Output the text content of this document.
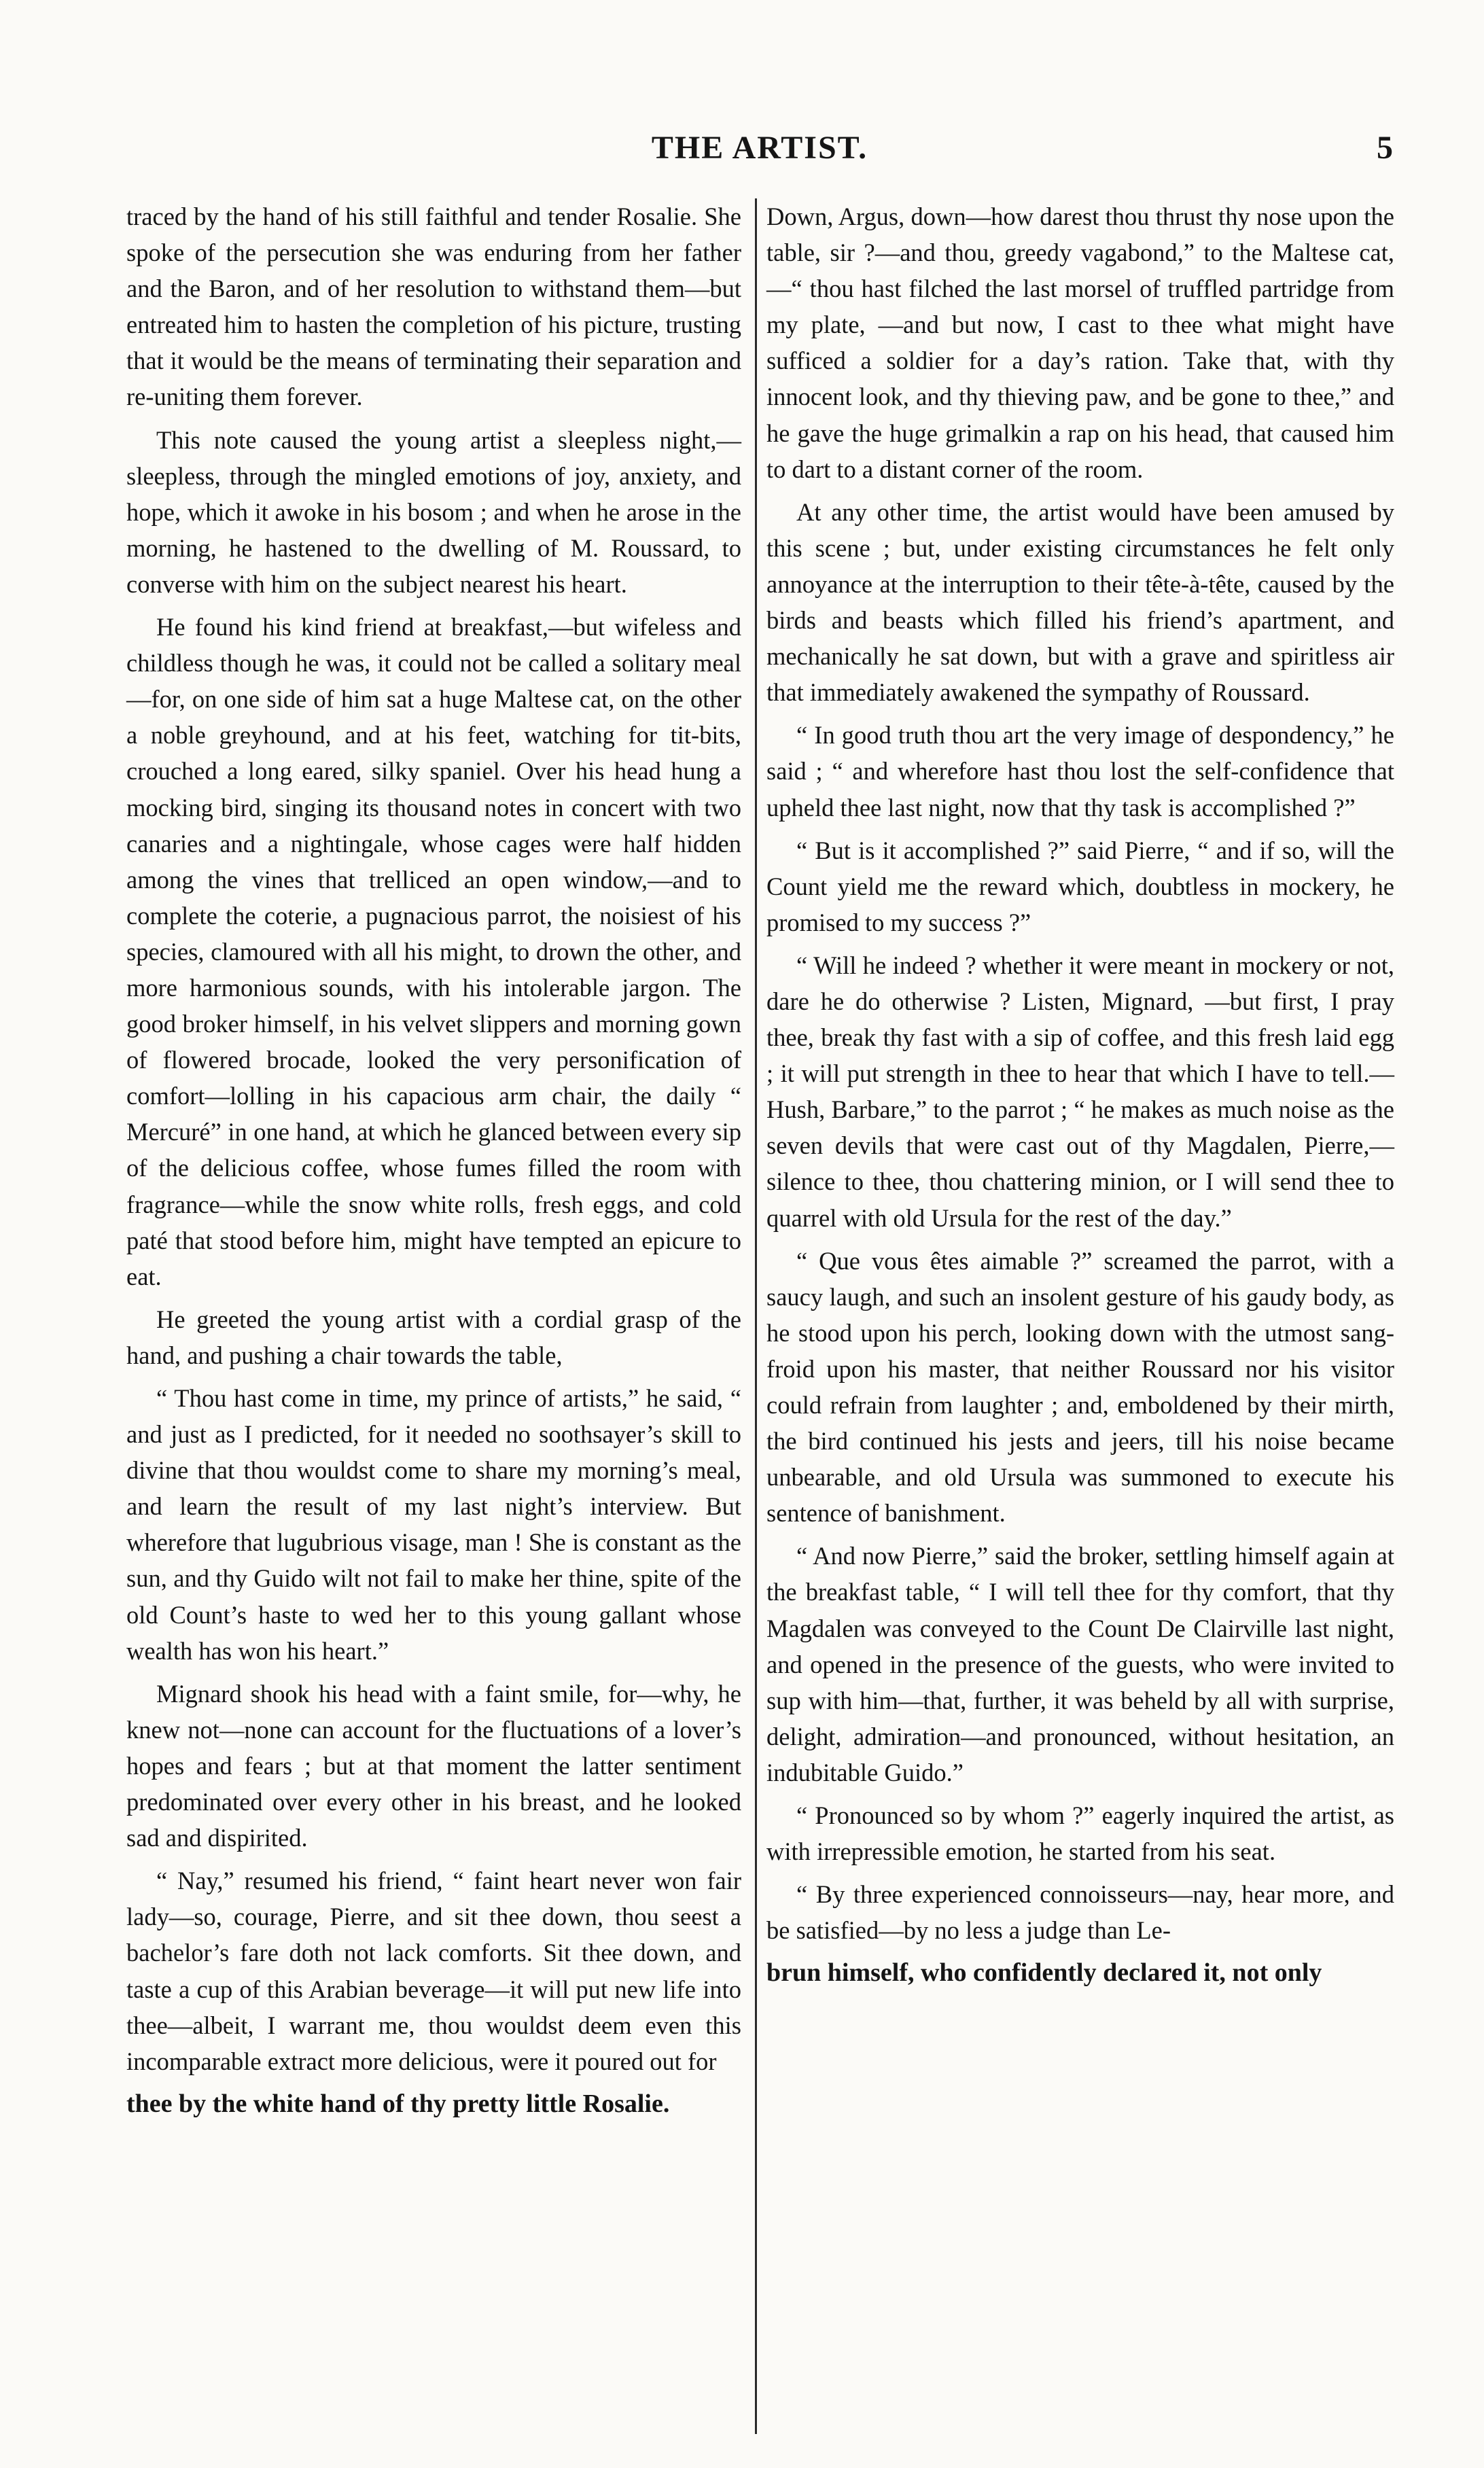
THE ARTIST.	5

traced by the hand of his still faithful and tender Rosalie. She spoke of the persecution she was enduring from her father and the Baron, and of her resolution to withstand them—but entreated him to hasten the completion of his picture, trusting that it would be the means of terminating their separation and re-uniting them forever.

This note caused the young artist a sleepless night,—sleepless, through the mingled emotions of joy, anxiety, and hope, which it awoke in his bosom ; and when he arose in the morning, he hastened to the dwelling of M. Roussard, to converse with him on the subject nearest his heart.

He found his kind friend at breakfast,—but wifeless and childless though he was, it could not be called a solitary meal—for, on one side of him sat a huge Maltese cat, on the other a noble greyhound, and at his feet, watching for tit-bits, crouched a long eared, silky spaniel. Over his head hung a mocking bird, singing its thousand notes in concert with two canaries and a nightingale, whose cages were half hidden among the vines that trelliced an open window,—and to complete the coterie, a pugnacious parrot, the noisiest of his species, clamoured with all his might, to drown the other, and more harmonious sounds, with his intolerable jargon. The good broker himself, in his velvet slippers and morning gown of flowered brocade, looked the very personification of comfort—lolling in his capacious arm chair, the daily “ Mercuré” in one hand, at which he glanced between every sip of the delicious coffee, whose fumes filled the room with fragrance—while the snow white rolls, fresh eggs, and cold paté that stood before him, might have tempted an epicure to eat.

He greeted the young artist with a cordial grasp of the hand, and pushing a chair towards the table,

“ Thou hast come in time, my prince of artists,” he said, “ and just as I predicted, for it needed no soothsayer’s skill to divine that thou wouldst come to share my morning’s meal, and learn the result of my last night’s interview. But wherefore that lugubrious visage, man ! She is constant as the sun, and thy Guido wilt not fail to make her thine, spite of the old Count’s haste to wed her to this young gallant whose wealth has won his heart.”

Mignard shook his head with a faint smile, for—why, he knew not—none can account for the fluctuations of a lover’s hopes and fears ; but at that moment the latter sentiment predominated over every other in his breast, and he looked sad and dispirited.

“ Nay,” resumed his friend, “ faint heart never won fair lady—so, courage, Pierre, and sit thee down, thou seest a bachelor’s fare doth not lack comforts. Sit thee down, and taste a cup of this Arabian beverage—it will put new life into thee—albeit, I warrant me, thou wouldst deem even this incomparable extract more delicious, were it poured out for

thee by the white hand of thy pretty little Rosalie.

Down, Argus, down—how darest thou thrust thy nose upon the table, sir ?—and thou, greedy vagabond,” to the Maltese cat,—“ thou hast filched the last morsel of truffled partridge from my plate, —and but now, I cast to thee what might have sufficed a soldier for a day’s ration. Take that, with thy innocent look, and thy thieving paw, and be gone to thee,” and he gave the huge grimalkin a rap on his head, that caused him to dart to a distant corner of the room.

At any other time, the artist would have been amused by this scene ; but, under existing circumstances he felt only annoyance at the interruption to their tête-à-tête, caused by the birds and beasts which filled his friend’s apartment, and mechanically he sat down, but with a grave and spiritless air that immediately awakened the sympathy of Roussard.

“ In good truth thou art the very image of despondency,” he said ; “ and wherefore hast thou lost the self-confidence that upheld thee last night, now that thy task is accomplished ?”

“ But is it accomplished ?” said Pierre, “ and if so, will the Count yield me the reward which, doubtless in mockery, he promised to my success ?”

“ Will he indeed ? whether it were meant in mockery or not, dare he do otherwise ? Listen, Mignard, —but first, I pray thee, break thy fast with a sip of coffee, and this fresh laid egg ; it will put strength in thee to hear that which I have to tell.—Hush, Barbare,” to the parrot ; “ he makes as much noise as the seven devils that were cast out of thy Magdalen, Pierre,—silence to thee, thou chattering minion, or I will send thee to quarrel with old Ursula for the rest of the day.”

“ Que vous êtes aimable ?” screamed the parrot, with a saucy laugh, and such an insolent gesture of his gaudy body, as he stood upon his perch, looking down with the utmost sang-froid upon his master, that neither Roussard nor his visitor could refrain from laughter ; and, emboldened by their mirth, the bird continued his jests and jeers, till his noise became unbearable, and old Ursula was summoned to execute his sentence of banishment.

“ And now Pierre,” said the broker, settling himself again at the breakfast table, “ I will tell thee for thy comfort, that thy Magdalen was conveyed to the Count De Clairville last night, and opened in the presence of the guests, who were invited to sup with him—that, further, it was beheld by all with surprise, delight, admiration—and pronounced, without hesitation, an indubitable Guido.”

“ Pronounced so by whom ?” eagerly inquired the artist, as with irrepressible emotion, he started from his seat.

“ By three experienced connoisseurs—nay, hear more, and be satisfied—by no less a judge than Le-

brun himself, who confidently declared it, not only
